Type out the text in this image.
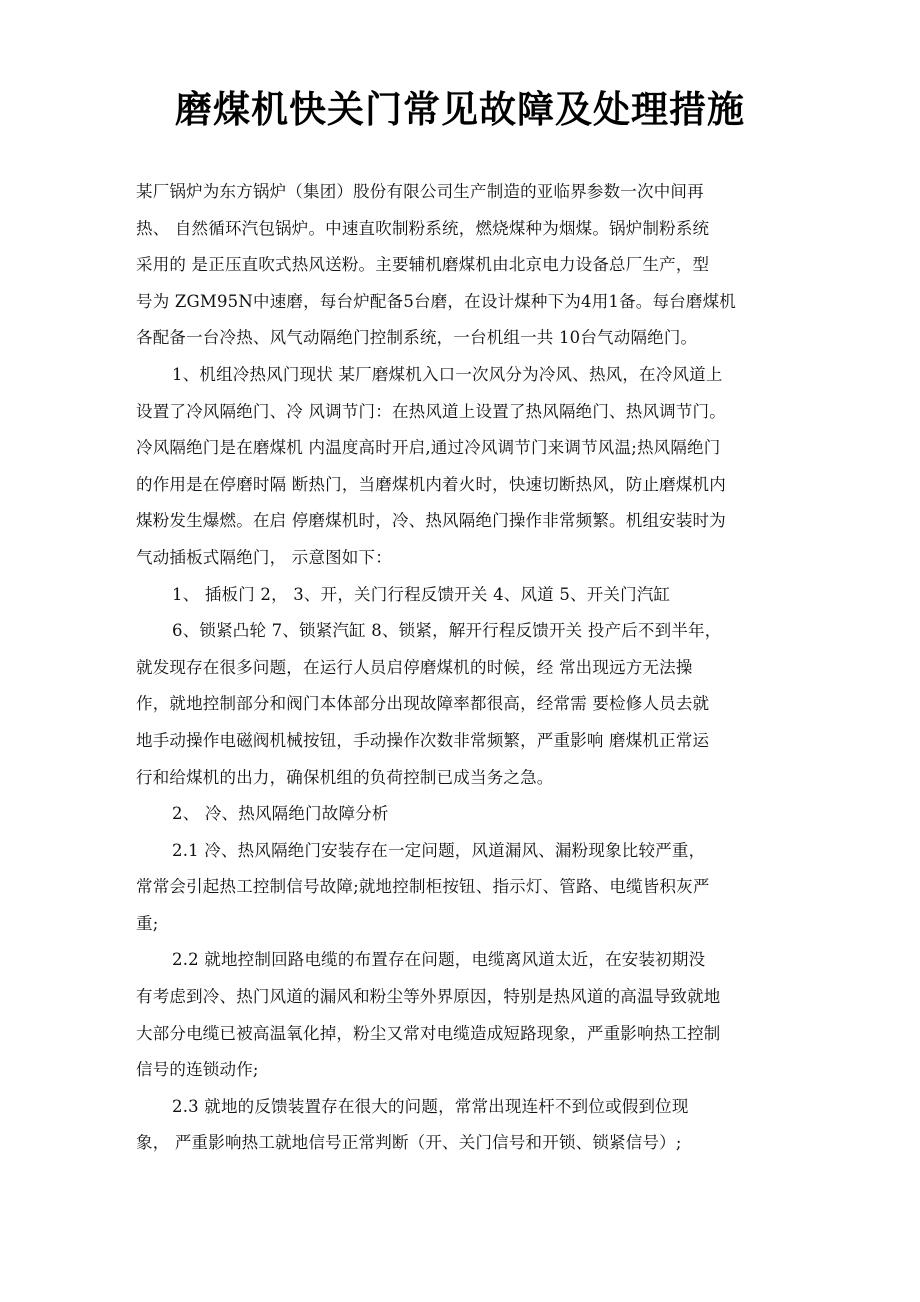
磨煤机快关门常见故障及处理措施
某厂锅炉为东方锅炉（集团）股份有限公司生产制造的亚临界参数一次中间再
热、 自然循环汽包锅炉。中速直吹制粉系统，燃烧煤种为烟煤。锅炉制粉系统
采用的 是正压直吹式热风送粉。主要辅机磨煤机由北京电力设备总厂生产，型
号为 ZGM95N中速磨，每台炉配备5台磨，在设计煤种下为4用1备。每台磨煤机
各配备一台冷热、风气动隔绝门控制系统，一台机组一共 10台气动隔绝门。
1、机组冷热风门现状 某厂磨煤机入口一次风分为冷风、热风，在冷风道上
设置了冷风隔绝门、冷 风调节门：在热风道上设置了热风隔绝门、热风调节门。
冷风隔绝门是在磨煤机 内温度高时开启,通过冷风调节门来调节风温;热风隔绝门
的作用是在停磨时隔 断热门，当磨煤机内着火时，快速切断热风，防止磨煤机内
煤粉发生爆燃。在启 停磨煤机时，冷、热风隔绝门操作非常频繁。机组安装时为
气动插板式隔绝门， 示意图如下：
1、 插板门 2， 3、开，关门行程反馈开关 4、风道 5、开关门汽缸
6、锁紧凸轮 7、锁紧汽缸 8、锁紧，解开行程反馈开关 投产后不到半年，
就发现存在很多问题，在运行人员启停磨煤机的时候，经 常出现远方无法操
作，就地控制部分和阀门本体部分出现故障率都很高，经常需 要检修人员去就
地手动操作电磁阀机械按钮，手动操作次数非常频繁，严重影响 磨煤机正常运
行和给煤机的出力，确保机组的负荷控制已成当务之急。
2、 冷、热风隔绝门故障分析
2.1 冷、热风隔绝门安装存在一定问题，风道漏风、漏粉现象比较严重，
常常会引起热工控制信号故障;就地控制柜按钮、指示灯、管路、电缆皆积灰严
重;
2.2 就地控制回路电缆的布置存在问题，电缆离风道太近，在安装初期没
有考虑到冷、热门风道的漏风和粉尘等外界原因，特别是热风道的高温导致就地
大部分电缆已被高温氧化掉，粉尘又常对电缆造成短路现象，严重影响热工控制
信号的连锁动作;
2.3 就地的反馈装置存在很大的问题，常常出现连杆不到位或假到位现
象， 严重影响热工就地信号正常判断（开、关门信号和开锁、锁紧信号）;
